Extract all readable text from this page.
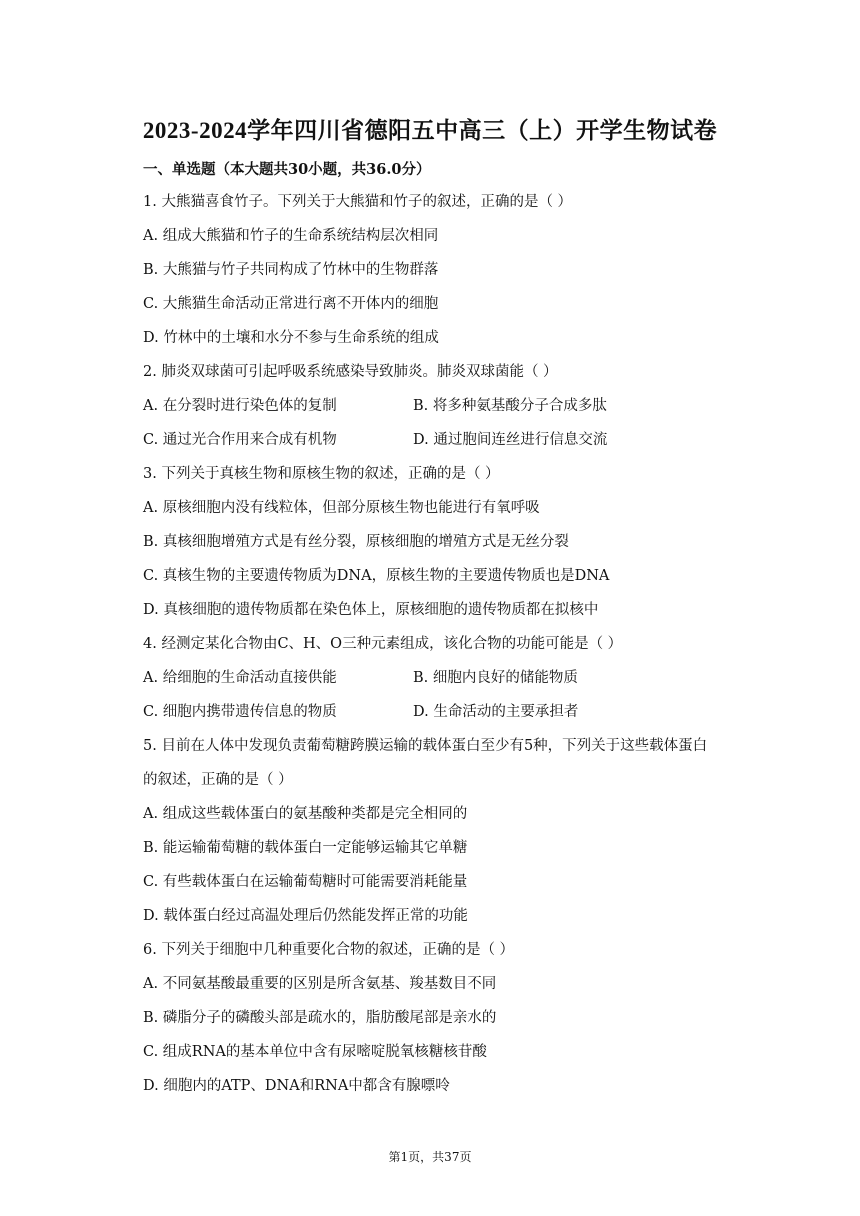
2023-2024学年四川省德阳五中高三（上）开学生物试卷
一、单选题（本大题共30小题，共36.0分）
1. 大熊猫喜食竹子。下列关于大熊猫和竹子的叙述，正确的是（ ）
A. 组成大熊猫和竹子的生命系统结构层次相同
B. 大熊猫与竹子共同构成了竹林中的生物群落
C. 大熊猫生命活动正常进行离不开体内的细胞
D. 竹林中的土壤和水分不参与生命系统的组成
2. 肺炎双球菌可引起呼吸系统感染导致肺炎。肺炎双球菌能（ ）
A. 在分裂时进行染色体的复制	B. 将多种氨基酸分子合成多肽
C. 通过光合作用来合成有机物	D. 通过胞间连丝进行信息交流
3. 下列关于真核生物和原核生物的叙述，正确的是（ ）
A. 原核细胞内没有线粒体，但部分原核生物也能进行有氧呼吸
B. 真核细胞增殖方式是有丝分裂，原核细胞的增殖方式是无丝分裂
C. 真核生物的主要遗传物质为DNA，原核生物的主要遗传物质也是DNA
D. 真核细胞的遗传物质都在染色体上，原核细胞的遗传物质都在拟核中
4. 经测定某化合物由C、H、O三种元素组成，该化合物的功能可能是（ ）
A. 给细胞的生命活动直接供能	B. 细胞内良好的储能物质
C. 细胞内携带遗传信息的物质	D. 生命活动的主要承担者
5. 目前在人体中发现负责葡萄糖跨膜运输的载体蛋白至少有5种，下列关于这些载体蛋白
的叙述，正确的是（ ）
A. 组成这些载体蛋白的氨基酸种类都是完全相同的
B. 能运输葡萄糖的载体蛋白一定能够运输其它单糖
C. 有些载体蛋白在运输葡萄糖时可能需要消耗能量
D. 载体蛋白经过高温处理后仍然能发挥正常的功能
6. 下列关于细胞中几种重要化合物的叙述，正确的是（ ）
A. 不同氨基酸最重要的区别是所含氨基、羧基数目不同
B. 磷脂分子的磷酸头部是疏水的，脂肪酸尾部是亲水的
C. 组成RNA的基本单位中含有尿嘧啶脱氧核糖核苷酸
D. 细胞内的ATP、DNA和RNA中都含有腺嘌呤
第1页，共37页
